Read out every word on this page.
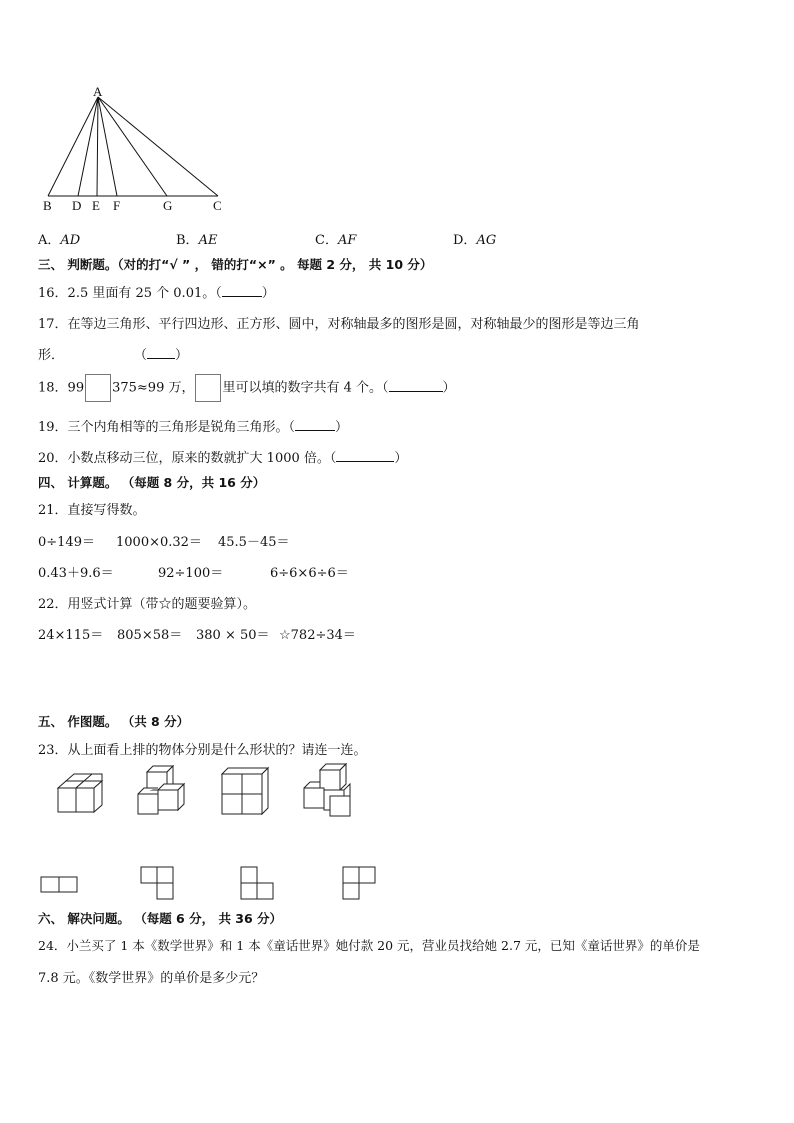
A
B D E F	G	C
A．AD	B．AE	C．AF	D．AG
三、 判断题。（对的打“√ ” ， 错的打“×” 。 每题 2 分， 共 10 分）
16．2.5 里面有 25 个 0.01。（	）
17．在等边三角形、平行四边形、正方形、圆中，对称轴最多的图形是圆，对称轴最少的图形是等边三角
形．	（ ）
18．99 375≈99 万， 里可以填的数字共有 4 个。（	）
19．三个内角相等的三角形是锐角三角形。（	）
20．小数点移动三位，原来的数就扩大 1000 倍。（	）
四、 计算题。 （每题 8 分，共 16 分）
21．直接写得数。
0÷149＝ 1000×0.32＝ 45.5－45＝
0.43＋9.6＝	92÷100＝	6÷6×6÷6＝
22．用竖式计算（带☆的题要验算）。
24×115＝ 805×58＝ 380 × 50＝ ☆782÷34＝
五、 作图题。 （共 8 分）
23．从上面看上排的物体分别是什么形状的？请连一连。
六、 解决问题。 （每题 6 分， 共 36 分）
24．小兰买了 1 本《数学世界》和 1 本《童话世界》她付款 20 元，营业员找给她 2.7 元，已知《童话世界》的单价是
7.8 元。《数学世界》的单价是多少元？
